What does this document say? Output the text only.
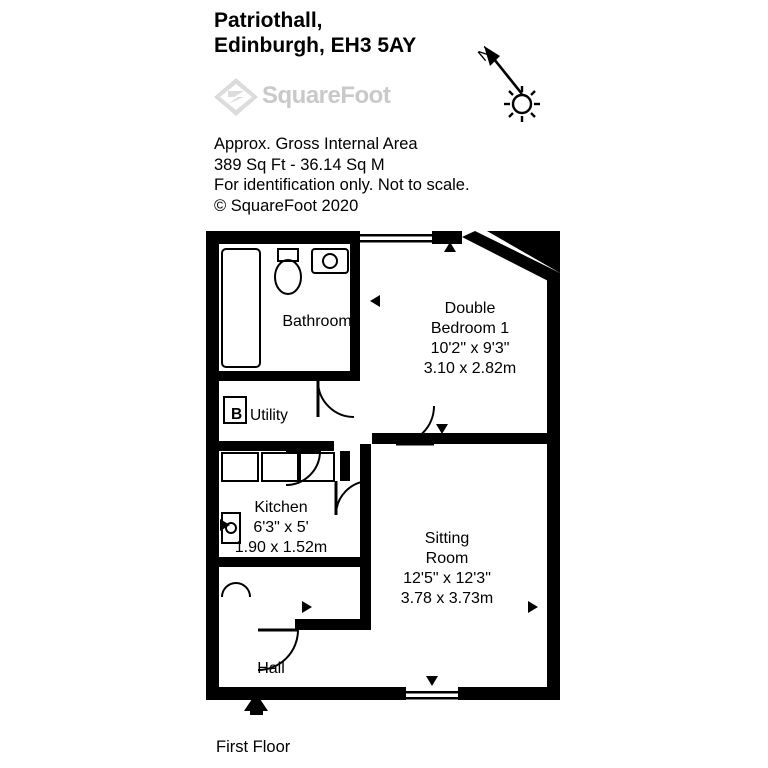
Patriothall,
Edinburgh, EH3 5AY
SquareFoot
Approx. Gross Internal Area
389 Sq Ft - 36.14 Sq M
For identification only. Not to scale.
© SquareFoot 2020
N
Bathroom
Double
Bedroom 1
10'2" x 9'3"
3.10 x 2.82m
B Utility
Kitchen
6'3" x 5'
1.90 x 1.52m
Sitting
Room
12'5" x 12'3"
3.78 x 3.73m
Hall
First Floor
